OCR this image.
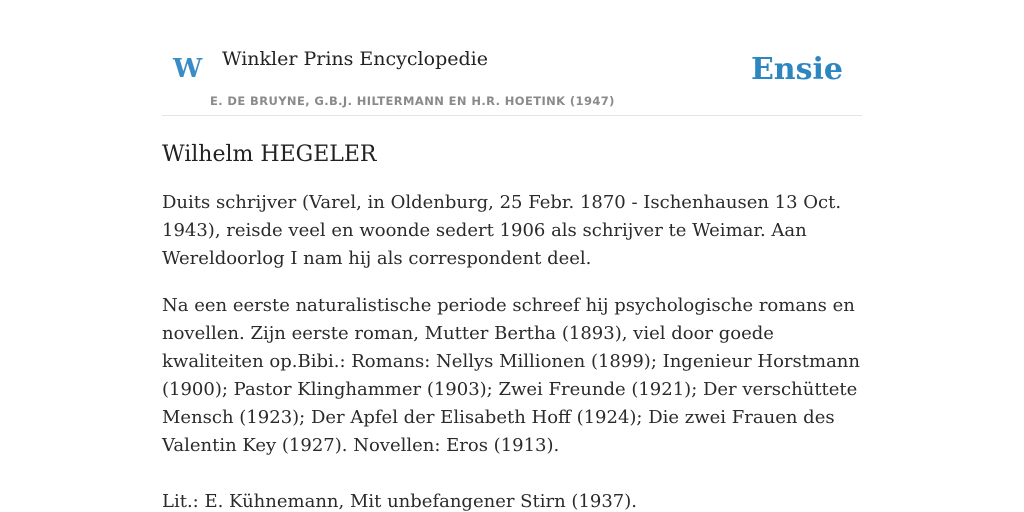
W Winkler Prins Encyclopedie
E. DE BRUYNE, G.B.J. HILTERMANN EN H.R. HOETINK (1947)
Ensie
Wilhelm HEGELER

Duits schrijver (Varel, in Oldenburg, 25 Febr. 1870 - Ischenhausen 13 Oct. 1943), reisde veel en woonde sedert 1906 als schrijver te Weimar. Aan Wereldoorlog I nam hij als correspondent deel.

Na een eerste naturalistische periode schreef hij psychologische romans en novellen. Zijn eerste roman, Mutter Bertha (1893), viel door goede kwaliteiten op.Bibi.: Romans: Nellys Millionen (1899); Ingenieur Horstmann (1900); Pastor Klinghammer (1903); Zwei Freunde (1921); Der verschüttete Mensch (1923); Der Apfel der Elisabeth Hoff (1924); Die zwei Frauen des Valentin Key (1927). Novellen: Eros (1913).

Lit.: E. Kühnemann, Mit unbefangener Stirn (1937).
